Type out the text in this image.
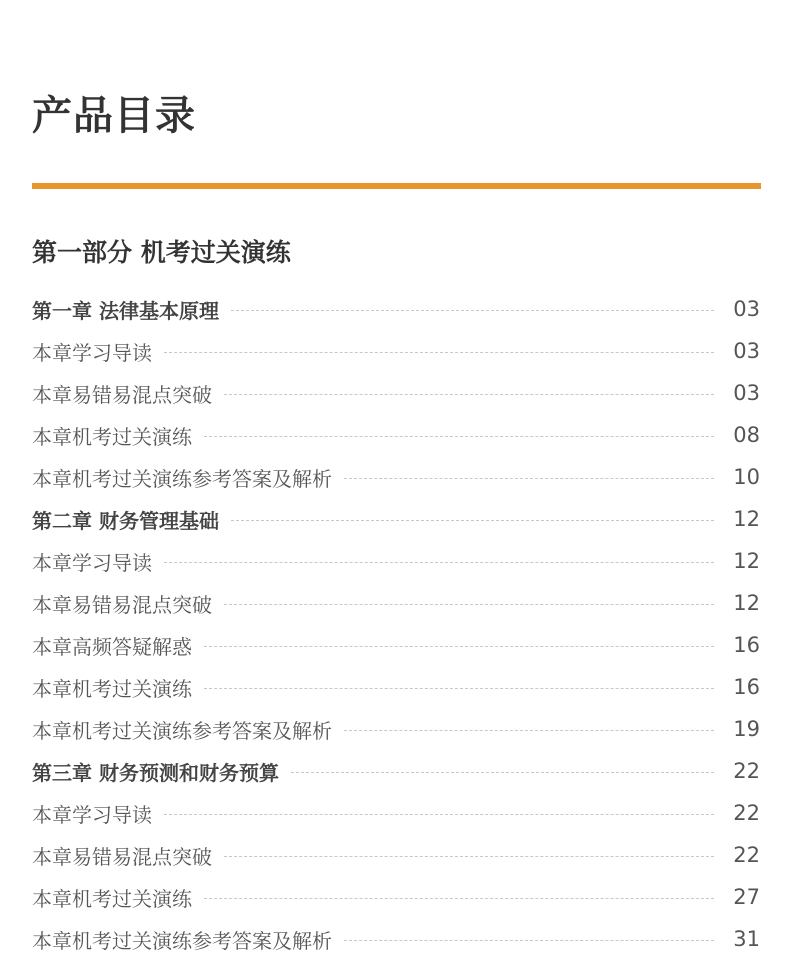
产品目录
第一部分 机考过关演练
第一章 法律基本原理	03
本章学习导读	03
本章易错易混点突破	03
本章机考过关演练	08
本章机考过关演练参考答案及解析	10
第二章 财务管理基础	12
本章学习导读	12
本章易错易混点突破	12
本章高频答疑解惑	16
本章机考过关演练	16
本章机考过关演练参考答案及解析	19
第三章 财务预测和财务预算	22
本章学习导读	22
本章易错易混点突破	22
本章机考过关演练	27
本章机考过关演练参考答案及解析	31
